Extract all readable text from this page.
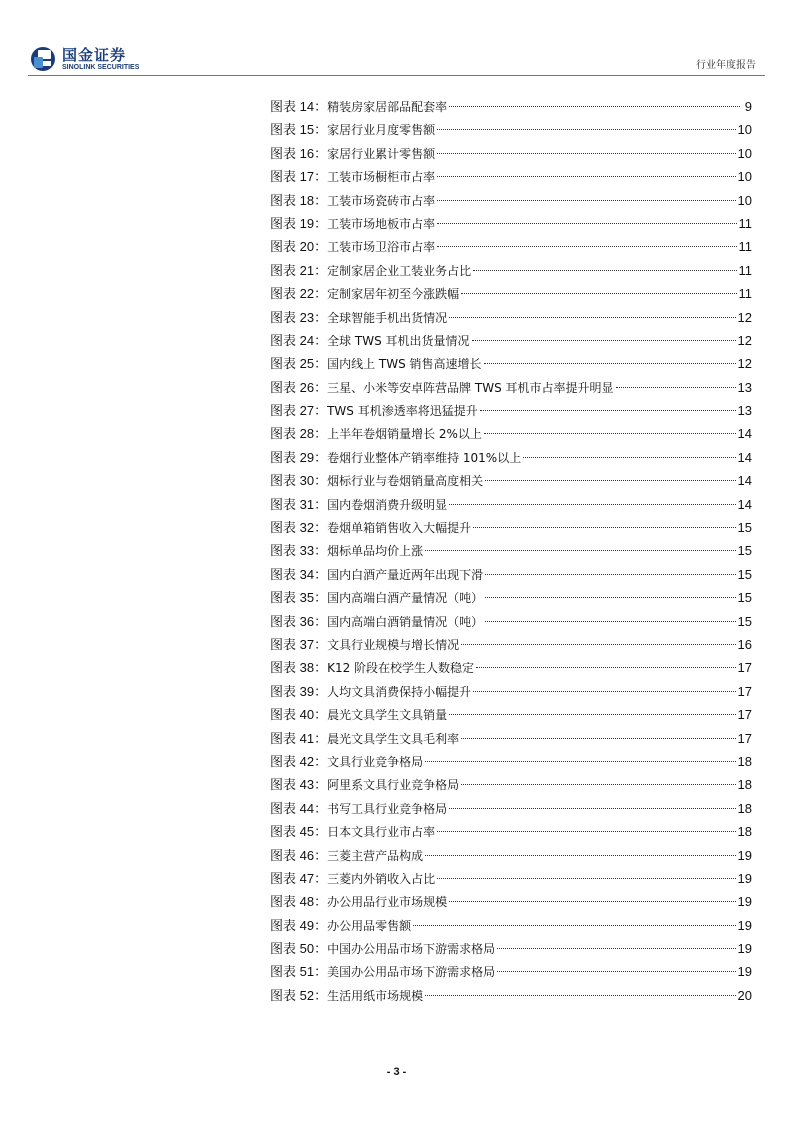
国金证券
SINOLINK SECURITIES	行业年度报告
图表 14： 精装房家居部品配套率	9
图表 15： 家居行业月度零售额	10
图表 16： 家居行业累计零售额	10
图表 17： 工装市场橱柜市占率	10
图表 18： 工装市场瓷砖市占率	10
图表 19： 工装市场地板市占率	11
图表 20： 工装市场卫浴市占率	11
图表 21： 定制家居企业工装业务占比	11
图表 22： 定制家居年初至今涨跌幅	11
图表 23： 全球智能手机出货情况	12
图表 24： 全球 TWS 耳机出货量情况	12
图表 25： 国内线上 TWS 销售高速增长	12
图表 26： 三星、小米等安卓阵营品牌 TWS 耳机市占率提升明显	13
图表 27： TWS 耳机渗透率将迅猛提升	13
图表 28： 上半年卷烟销量增长 2%以上	14
图表 29： 卷烟行业整体产销率维持 101%以上	14
图表 30： 烟标行业与卷烟销量高度相关	14
图表 31： 国内卷烟消费升级明显	14
图表 32： 卷烟单箱销售收入大幅提升	15
图表 33： 烟标单品均价上涨	15
图表 34： 国内白酒产量近两年出现下滑	15
图表 35： 国内高端白酒产量情况（吨）	15
图表 36： 国内高端白酒销量情况（吨）	15
图表 37： 文具行业规模与增长情况	16
图表 38： K12 阶段在校学生人数稳定	17
图表 39： 人均文具消费保持小幅提升	17
图表 40： 晨光文具学生文具销量	17
图表 41： 晨光文具学生文具毛利率	17
图表 42： 文具行业竞争格局	18
图表 43： 阿里系文具行业竞争格局	18
图表 44： 书写工具行业竞争格局	18
图表 45： 日本文具行业市占率	18
图表 46： 三菱主营产品构成	19
图表 47： 三菱内外销收入占比	19
图表 48： 办公用品行业市场规模	19
图表 49： 办公用品零售额	19
图表 50： 中国办公用品市场下游需求格局	19
图表 51： 美国办公用品市场下游需求格局	19
图表 52： 生活用纸市场规模	20
- 3 -
